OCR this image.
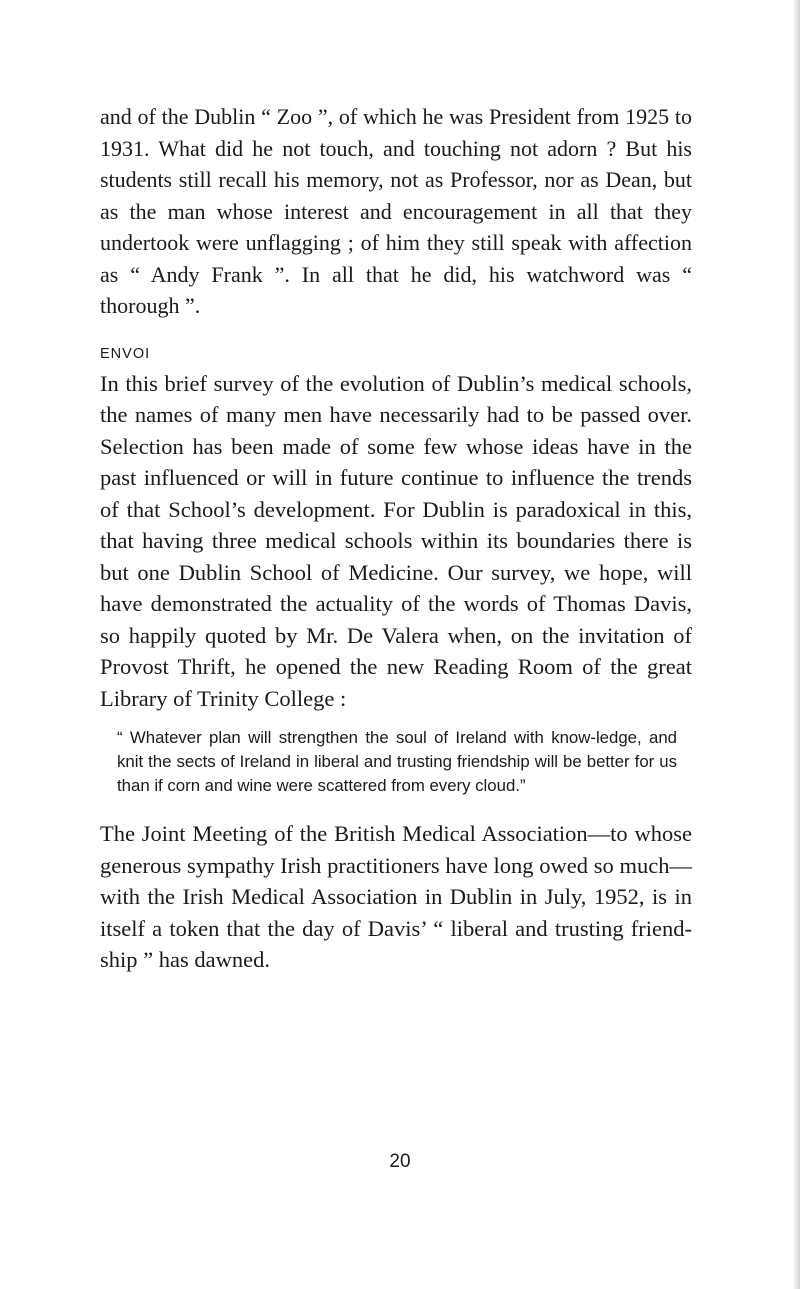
and of the Dublin “ Zoo ”, of which he was President from 1925 to 1931. What did he not touch, and touching not adorn ? But his students still recall his memory, not as Professor, nor as Dean, but as the man whose interest and encouragement in all that they undertook were unflagging ; of him they still speak with affection as “ Andy Frank ”. In all that he did, his watchword was “ thorough ”.

ENVOI

In this brief survey of the evolution of Dublin’s medical schools, the names of many men have necessarily had to be passed over. Selection has been made of some few whose ideas have in the past influenced or will in future continue to influence the trends of that School’s development. For Dublin is paradoxical in this, that having three medical schools within its boundaries there is but one Dublin School of Medicine. Our survey, we hope, will have demonstrated the actuality of the words of Thomas Davis, so happily quoted by Mr. De Valera when, on the invitation of Provost Thrift, he opened the new Reading Room of the great Library of Trinity College :

“ Whatever plan will strengthen the soul of Ireland with know-ledge, and knit the sects of Ireland in liberal and trusting friendship will be better for us than if corn and wine were scattered from every cloud.”

The Joint Meeting of the British Medical Association—to whose generous sympathy Irish practitioners have long owed so much—with the Irish Medical Association in Dublin in July, 1952, is in itself a token that the day of Davis’ “ liberal and trusting friend-ship ” has dawned.

20
